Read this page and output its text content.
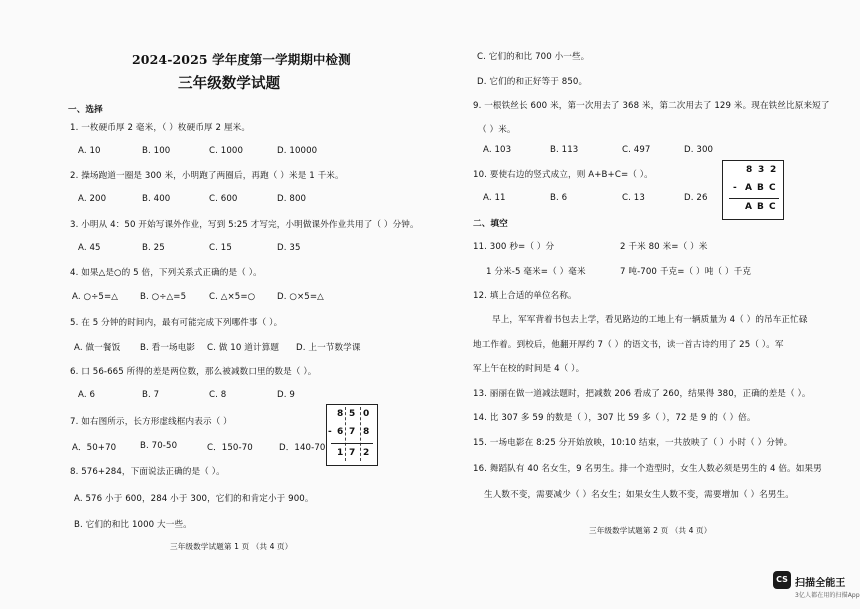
2024-2025 学年度第一学期期中检测
三年级数学试题
一、选择
1. 一枚硬币厚 2 毫米，（ ）枚硬币厚 2 厘米。
A. 10	B. 100	C. 1000	D. 10000
2. 操场跑道一圈是 300 米，小明跑了两圈后，再跑（ ）米是 1 千米。
A. 200	B. 400	C. 600	D. 800
3. 小明从 4：50 开始写课外作业，写到 5:25 才写完，小明做课外作业共用了（ ）分钟。
A. 45	B. 25	C. 15	D. 35
4. 如果△是○的 5 倍，下列关系式正确的是（ ）。
A. ○÷5=△	B. ○÷△=5	C. △×5=○	D. ○×5=△
5. 在 5 分钟的时间内，最有可能完成下列哪件事（ ）。
A. 做一餐饭 B. 看一场电影 C. 做 10 道计算题 D. 上一节数学课
6. 口 56-665 所得的差是两位数，那么被减数口里的数是（ ）。
A. 6	B. 7	C. 8	D. 9
7. 如右图所示，长方形虚线框内表示（ ）
A．50+70	B. 70-50	C．150-70	D．140-70
8. 576+284，下面说法正确的是（ ）。
A. 576 小于 600，284 小于 300，它们的和肯定小于 900。
B. 它们的和比 1000 大一些。
8 5 0
- 6 7 8
1 7 2
三年级数学试题第 1 页 （共 4 页）
C. 它们的和比 700 小一些。
D. 它们的和正好等于 850。
9. 一根铁丝长 600 米，第一次用去了 368 米，第二次用去了 129 米。现在铁丝比原来短了
（ ）米。
A. 103	B. 113	C. 497	D. 300
10. 要使右边的竖式成立，则 A+B+C=（ ）。
A. 11	B. 6	C. 13	D. 26
8 3 2
- A B C
A B C
二、填空
11. 300 秒=（ ）分	2 千米 80 米=（ ）米
1 分米-5 毫米=（ ）毫米	7 吨-700 千克=（ ）吨（ ）千克
12. 填上合适的单位名称。
早上，军军背着书包去上学，看见路边的工地上有一辆质量为 4（ ）的吊车正忙碌
地工作着。到校后，他翻开厚约 7（ ）的语文书，读一首古诗约用了 25（ ）。军
军上午在校的时间是 4（ ）。
13. 丽丽在做一道减法题时，把减数 206 看成了 260，结果得 380，正确的差是（ ）。
14. 比 307 多 59 的数是（ ），307 比 59 多（ ），72 是 9 的（ ）倍。
15. 一场电影在 8:25 分开始放映，10:10 结束，一共放映了（ ）小时（ ）分钟。
16. 舞蹈队有 40 名女生，9 名男生。排一个造型时，女生人数必须是男生的 4 倍。如果男
生人数不变，需要减少（ ）名女生；如果女生人数不变，需要增加（ ）名男生。
三年级数学试题第 2 页 （共 4 页）
CS 扫描全能王
3亿人都在用的扫描App
